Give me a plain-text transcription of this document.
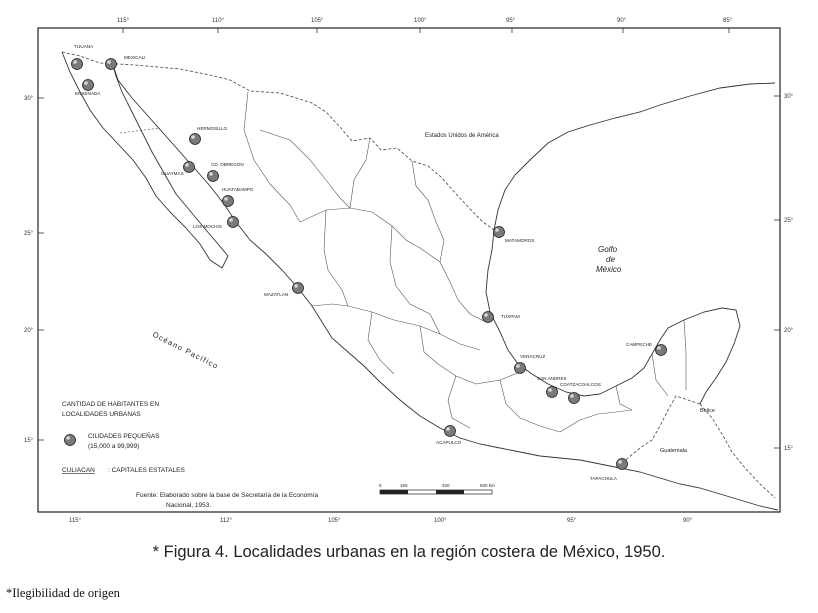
115°	110°	105°	100°	95°	90°	85°
115°	112°	105°	100°	95°	90°
30°
25°
20°
15°
30°
25°
20°
15°
Estados Unidos de América
Golfo
de
México
Océano Pacífico
Belice
Guatemala
TIJUANA
MEXICALI
ENSENADA
HERMOSILLO
GUAYMAS
CD. OBREGON
HUATABAMPO
LOS MOCHIS
MAZATLAN
MATAMOROS
TUXPAM
VERACRUZ
SAN ANDRES
COATZACOALCOS
CAMPECHE
ACAPULCO
TAPACHULA
CANTIDAD DE HABITANTES EN
LOCALIDADES URBANAS
CIUDADES PEQUEÑAS
(15,000 a 99,999)
CULIACAN : CAPITALES ESTATALES
0	160	320	500 km
Fuente: Elaborado sobre la base de Secretaría de la Economía
Nacional, 1953.
* Figura 4. Localidades urbanas en la región costera de México, 1950.
*Ilegibilidad de origen
